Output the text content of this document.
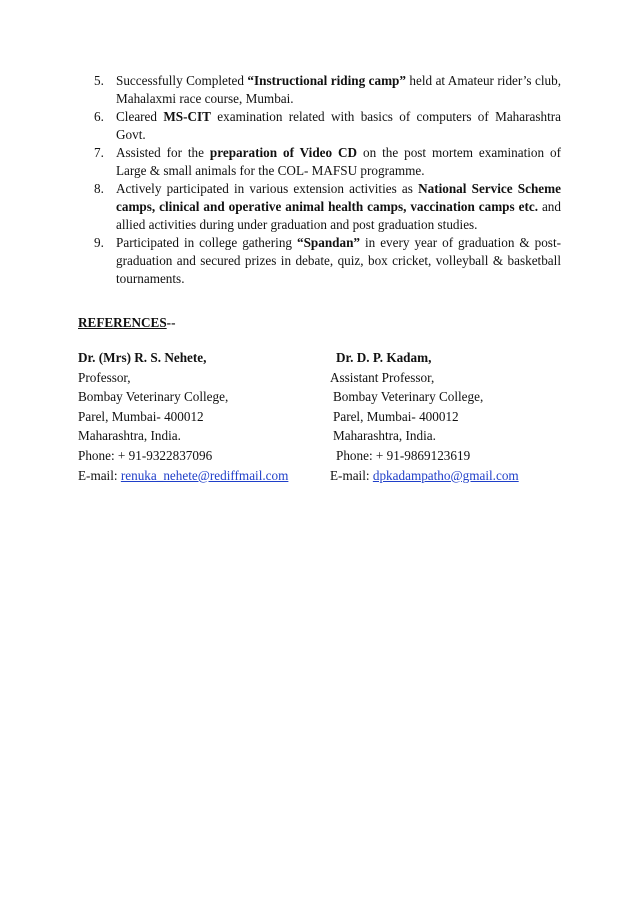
5. Successfully Completed “Instructional riding camp” held at Amateur rider’s club, Mahalaxmi race course, Mumbai.
6. Cleared MS-CIT examination related with basics of computers of Maharashtra Govt.
7. Assisted for the preparation of Video CD on the post mortem examination of Large & small animals for the COL- MAFSU programme.
8. Actively participated in various extension activities as National Service Scheme camps, clinical and operative animal health camps, vaccination camps etc. and allied activities during under graduation and post graduation studies.
9. Participated in college gathering “Spandan” in every year of graduation & post-graduation and secured prizes in debate, quiz, box cricket, volleyball & basketball tournaments.
REFERENCES--
Dr. (Mrs) R. S. Nehete,
Professor,
Bombay Veterinary College,
Parel, Mumbai- 400012
Maharashtra, India.
Phone: + 91-9322837096
E-mail: renuka_nehete@rediffmail.com
Dr. D. P. Kadam,
Assistant Professor,
Bombay Veterinary College,
Parel, Mumbai- 400012
Maharashtra, India.
Phone: + 91-9869123619
E-mail: dpkadampatho@gmail.com
